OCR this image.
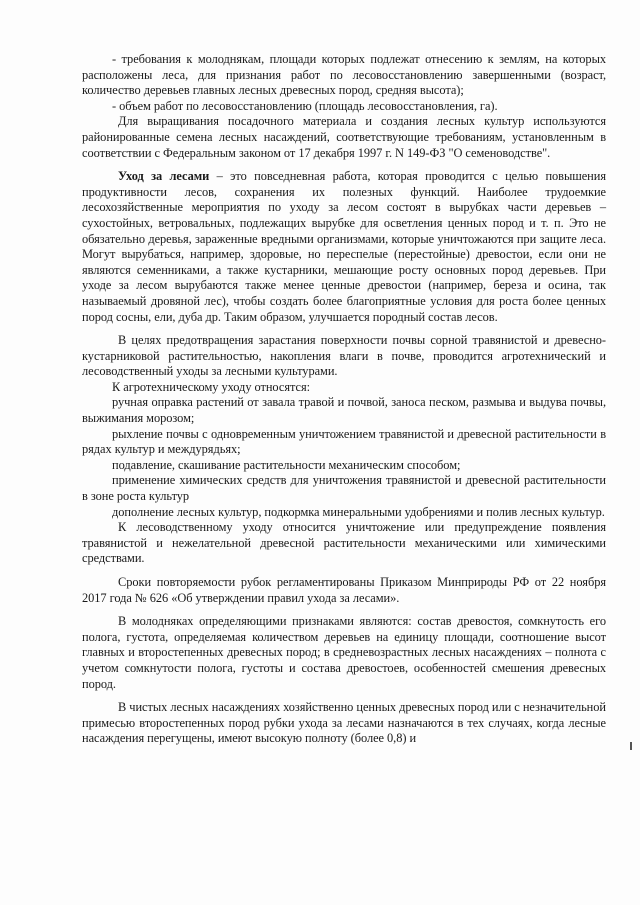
- требования к молоднякам, площади которых подлежат отнесению к землям, на которых расположены леса, для признания работ по лесовосстановлению завершенными (возраст, количество деревьев главных лесных древесных пород, средняя высота);

- объем работ по лесовосстановлению (площадь лесовосстановления, га).

Для выращивания посадочного материала и создания лесных культур используются районированные семена лесных насаждений, соответствующие требованиям, установленным в соответствии с Федеральным законом от 17 декабря 1997 г. N 149-ФЗ "О семеноводстве".

Уход за лесами – это повседневная работа, которая проводится с целью повышения продуктивности лесов, сохранения их полезных функций. Наиболее трудоемкие лесохозяйственные мероприятия по уходу за лесом состоят в вырубках части деревьев – сухостойных, ветровальных, подлежащих вырубке для осветления ценных пород и т. п. Это не обязательно деревья, зараженные вредными организмами, которые уничтожаются при защите леса. Могут вырубаться, например, здоровые, но переспелые (перестойные) древостои, если они не являются семенниками, а также кустарники, мешающие росту основных пород деревьев. При уходе за лесом вырубаются также менее ценные древостои (например, береза и осина, так называемый дровяной лес), чтобы создать более благоприятные условия для роста более ценных пород сосны, ели, дуба др. Таким образом, улучшается породный состав лесов.

В целях предотвращения зарастания поверхности почвы сорной травянистой и древесно-кустарниковой растительностью, накопления влаги в почве, проводится агротехнический и лесоводственный уходы за лесными культурами.

К агротехническому уходу относятся:

ручная оправка растений от завала травой и почвой, заноса песком, размыва и выдува почвы, выжимания морозом;

рыхление почвы с одновременным уничтожением травянистой и древесной растительности в рядах культур и междурядьях;

подавление, скашивание растительности механическим способом;

применение химических средств для уничтожения травянистой и древесной растительности в зоне роста культур

дополнение лесных культур, подкормка минеральными удобрениями и полив лесных культур.

К лесоводственному уходу относится уничтожение или предупреждение появления травянистой и нежелательной древесной растительности механическими или химическими средствами.

Сроки повторяемости рубок регламентированы Приказом Минприроды РФ от 22 ноября 2017 года № 626 «Об утверждении правил ухода за лесами».

В молодняках определяющими признаками являются: состав древостоя, сомкнутость его полога, густота, определяемая количеством деревьев на единицу площади, соотношение высот главных и второстепенных древесных пород; в средневозрастных лесных насаждениях – полнота с учетом сомкнутости полога, густоты и состава древостоев, особенностей смешения древесных пород.

В чистых лесных насаждениях хозяйственно ценных древесных пород или с незначительной примесью второстепенных пород рубки ухода за лесами назначаются в тех случаях, когда лесные насаждения перегущены, имеют высокую полноту (более 0,8) и
